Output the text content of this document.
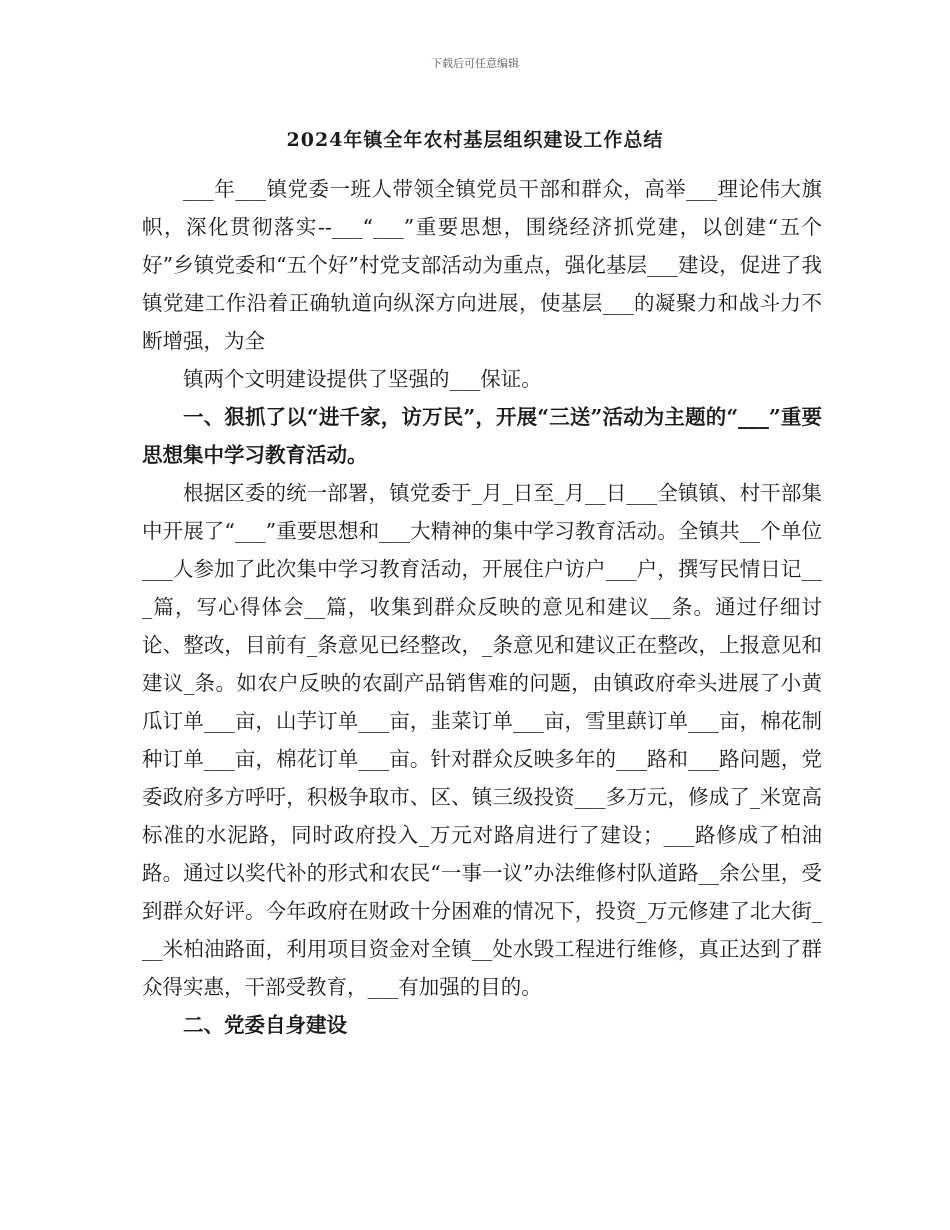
下载后可任意编辑
2024年镇全年农村基层组织建设工作总结

___年___镇党委一班人带领全镇党员干部和群众，高举___理论伟大旗帜，深化贯彻落实--___“___”重要思想，围绕经济抓党建，以创建“五个好”乡镇党委和“五个好”村党支部活动为重点，强化基层___建设，促进了我镇党建工作沿着正确轨道向纵深方向进展，使基层___的凝聚力和战斗力不断增强，为全

镇两个文明建设提供了坚强的___保证。

一、狠抓了以“进千家，访万民”，开展“三送”活动为主题的“___”重要思想集中学习教育活动。

根据区委的统一部署，镇党委于_月_日至_月__日___全镇镇、村干部集中开展了“___”重要思想和___大精神的集中学习教育活动。全镇共__个单位___人参加了此次集中学习教育活动，开展住户访户___户，撰写民情日记___篇，写心得体会__篇，收集到群众反映的意见和建议__条。通过仔细讨论、整改，目前有_条意见已经整改，_条意见和建议正在整改，上报意见和建议_条。如农户反映的农副产品销售难的问题，由镇政府牵头进展了小黄瓜订单___亩，山芋订单___亩，韭菜订单___亩，雪里蕻订单___亩，棉花制种订单___亩，棉花订单___亩。针对群众反映多年的___路和___路问题，党委政府多方呼吁，积极争取市、区、镇三级投资___多万元，修成了_米宽高标准的水泥路，同时政府投入_万元对路肩进行了建设；___路修成了柏油路。通过以奖代补的形式和农民“一事一议”办法维修村队道路__余公里，受到群众好评。今年政府在财政十分困难的情况下，投资_万元修建了北大街___米柏油路面，利用项目资金对全镇__处水毁工程进行维修，真正达到了群众得实惠，干部受教育，___有加强的目的。

二、党委自身建设
